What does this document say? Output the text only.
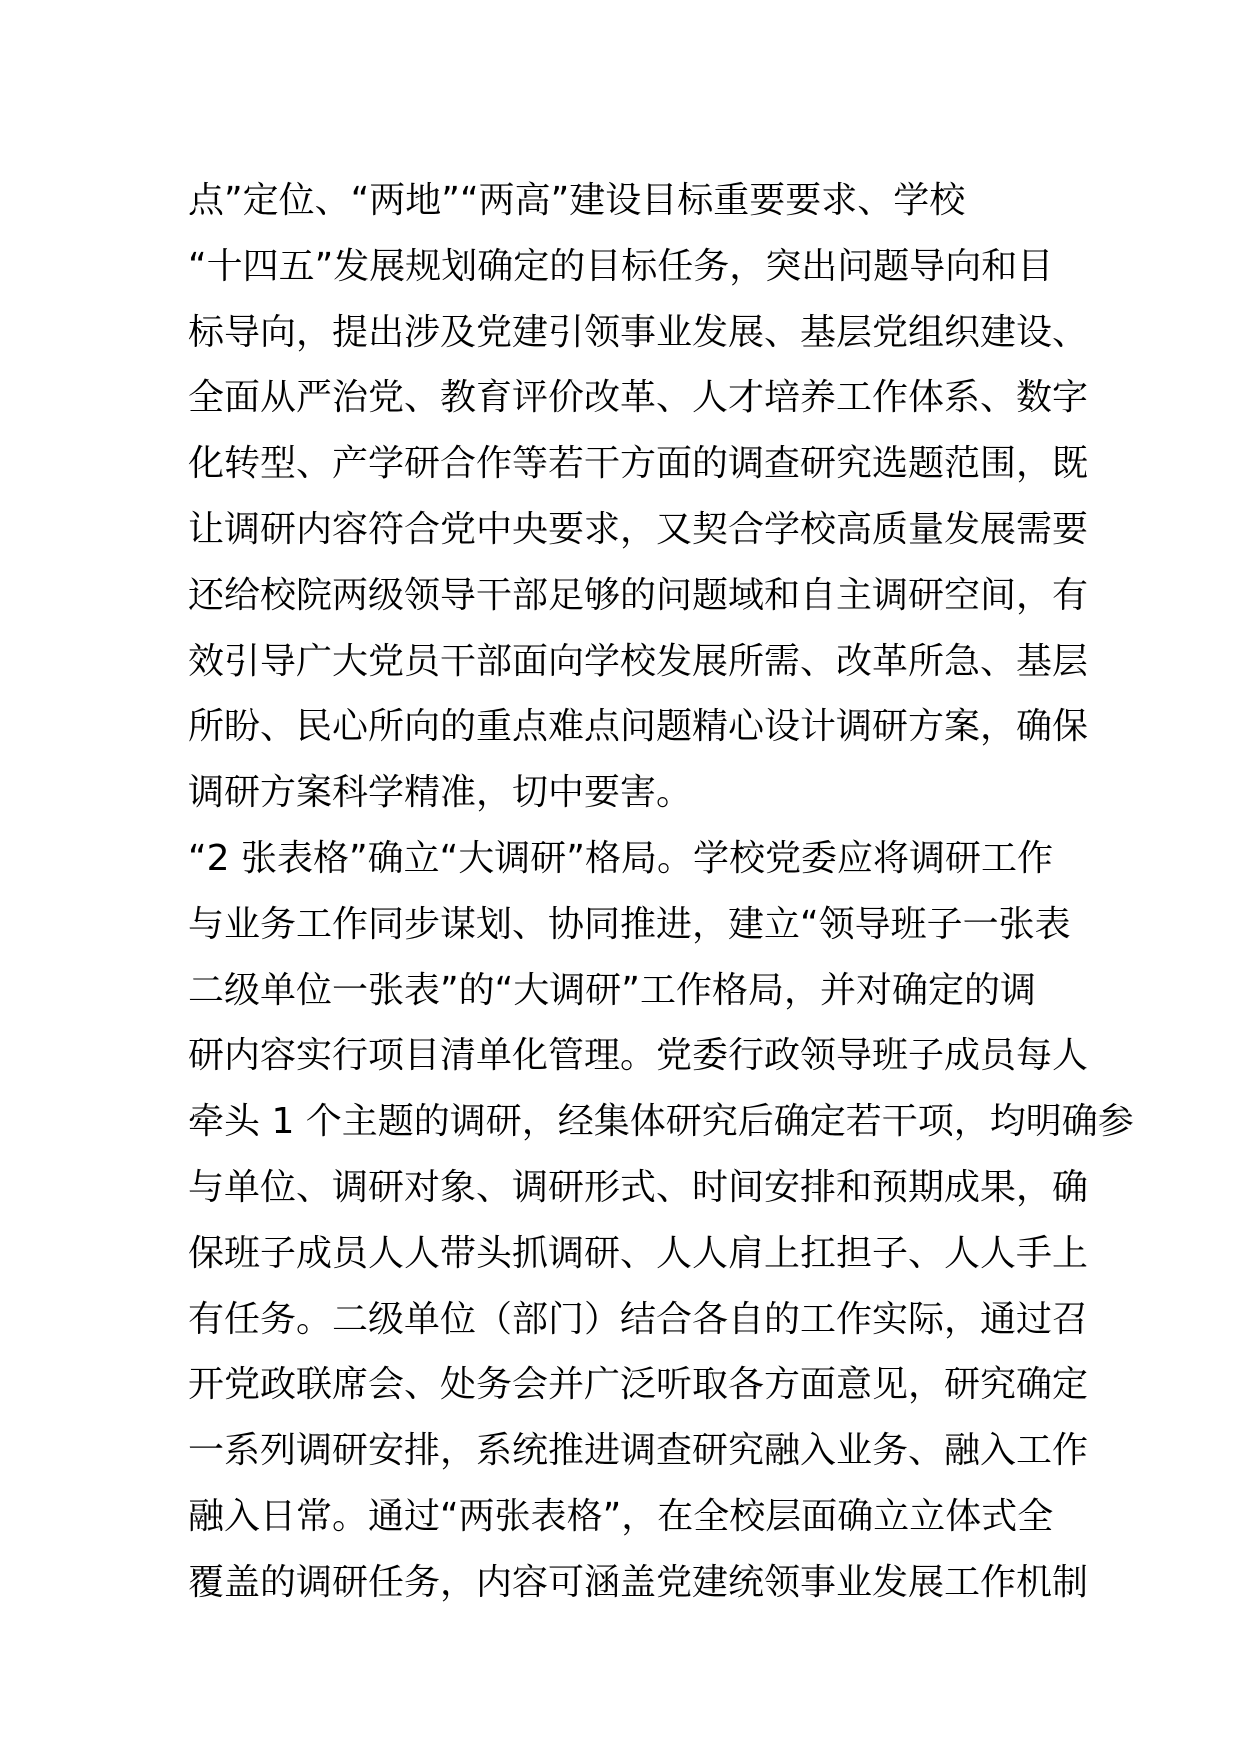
点”定位、“两地”“两高”建设目标重要要求、学校
“十四五”发展规划确定的目标任务，突出问题导向和目
标导向，提出涉及党建引领事业发展、基层党组织建设、
全面从严治党、教育评价改革、人才培养工作体系、数字
化转型、产学研合作等若干方面的调查研究选题范围，既
让调研内容符合党中央要求，又契合学校高质量发展需要
还给校院两级领导干部足够的问题域和自主调研空间，有
效引导广大党员干部面向学校发展所需、改革所急、基层
所盼、民心所向的重点难点问题精心设计调研方案，确保
调研方案科学精准，切中要害。
“2 张表格”确立“大调研”格局。学校党委应将调研工作
与业务工作同步谋划、协同推进，建立“领导班子一张表
二级单位一张表”的“大调研”工作格局，并对确定的调
研内容实行项目清单化管理。党委行政领导班子成员每人
牵头 1 个主题的调研，经集体研究后确定若干项，均明确参
与单位、调研对象、调研形式、时间安排和预期成果，确
保班子成员人人带头抓调研、人人肩上扛担子、人人手上
有任务。二级单位（部门）结合各自的工作实际，通过召
开党政联席会、处务会并广泛听取各方面意见，研究确定
一系列调研安排，系统推进调查研究融入业务、融入工作
融入日常。通过“两张表格”，在全校层面确立立体式全
覆盖的调研任务，内容可涵盖党建统领事业发展工作机制
